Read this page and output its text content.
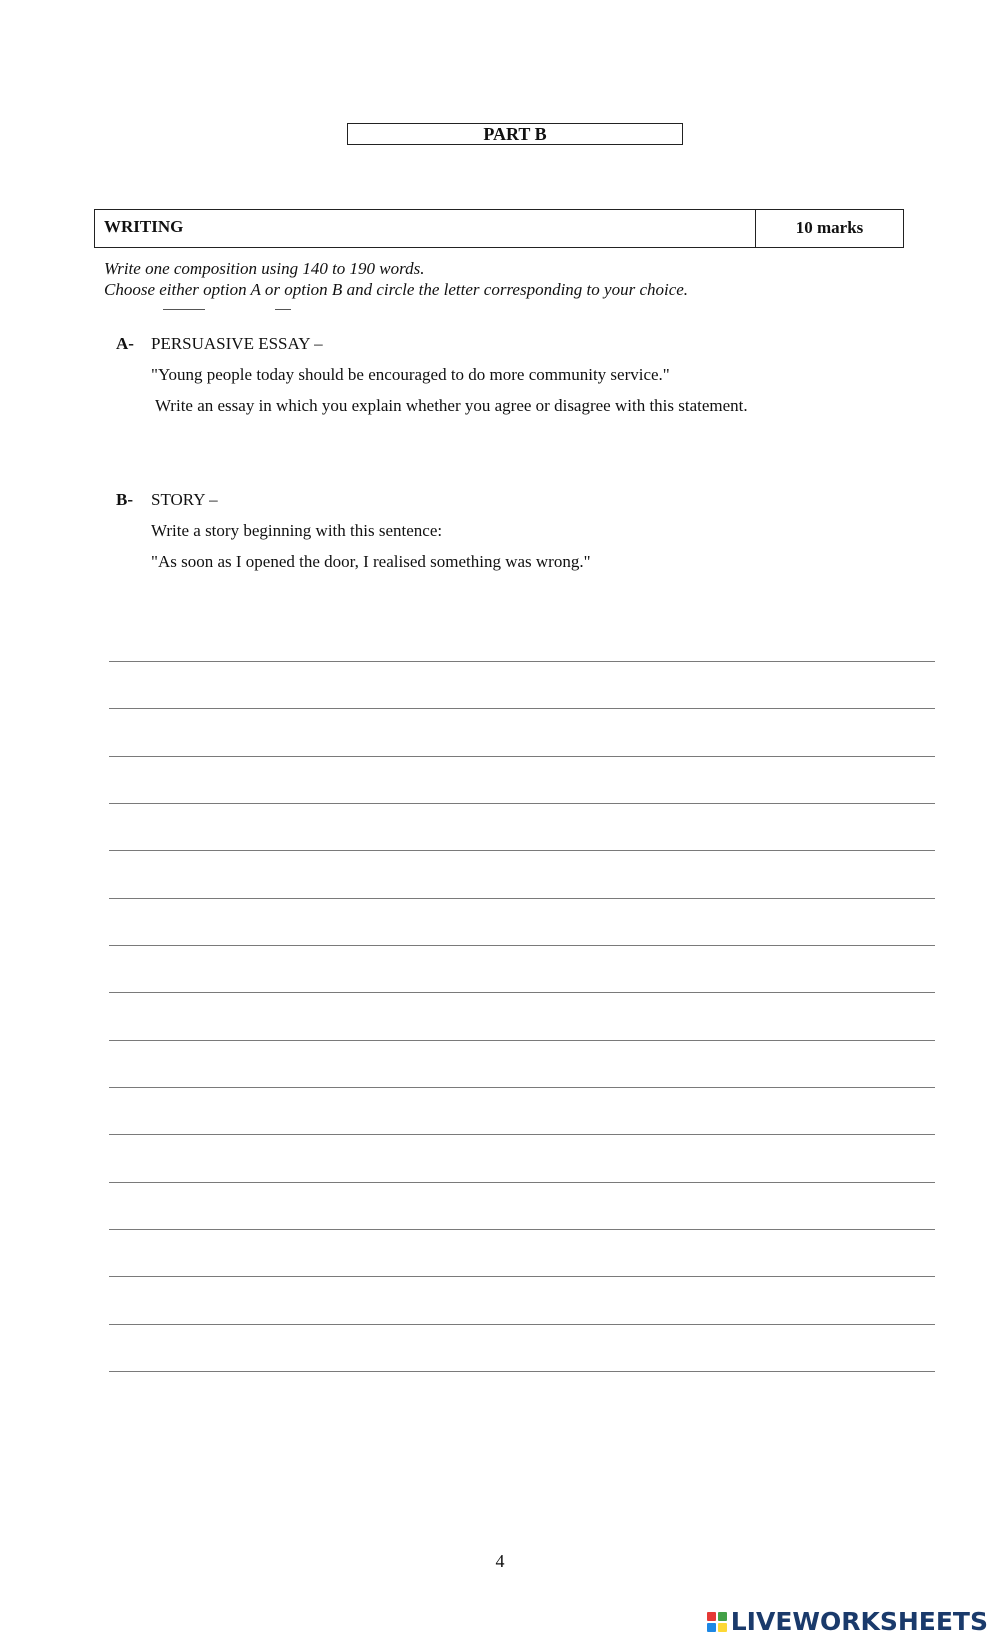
PART B
WRITING	10 marks
Write one composition using 140 to 190 words.
Choose either option A or option B and circle the letter corresponding to your choice.
A- PERSUASIVE ESSAY –
"Young people today should be encouraged to do more community service."
Write an essay in which you explain whether you agree or disagree with this statement.
B- STORY –
Write a story beginning with this sentence:
"As soon as I opened the door, I realised something was wrong."
4
LIVEWORKSHEETS
